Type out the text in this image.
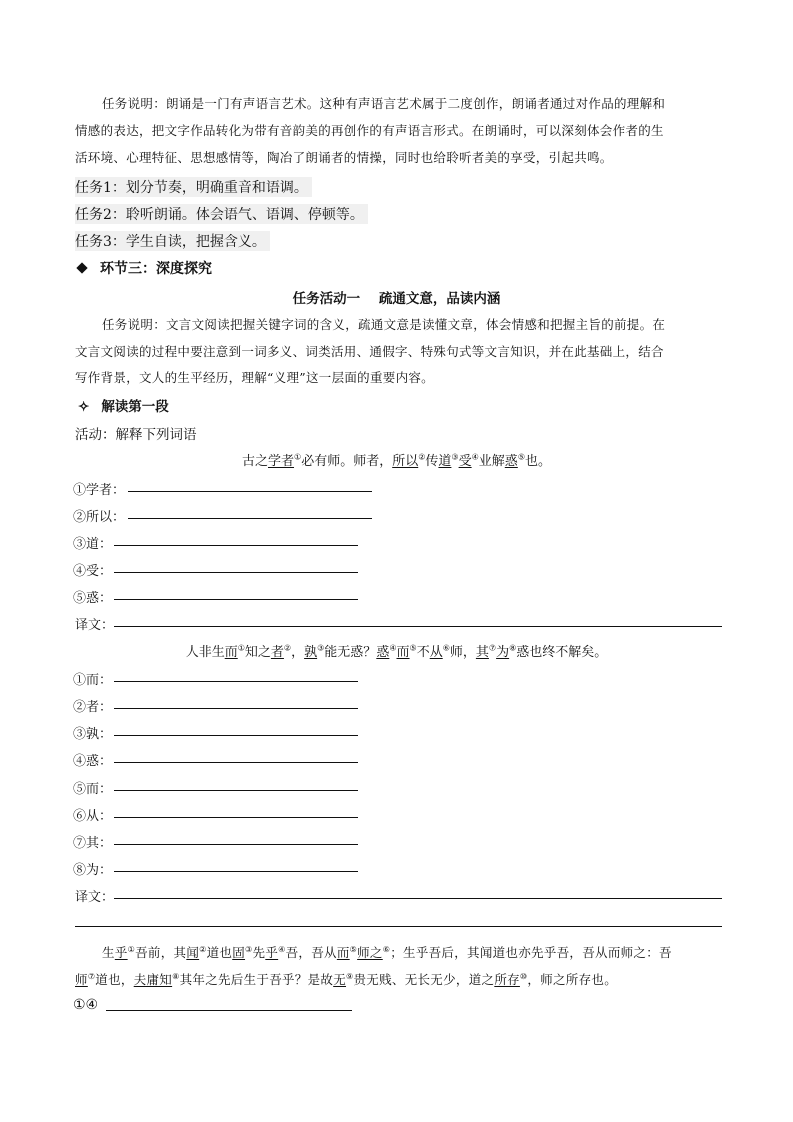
任务说明：朗诵是一门有声语言艺术。这种有声语言艺术属于二度创作，朗诵者通过对作品的理解和
情感的表达，把文字作品转化为带有音韵美的再创作的有声语言形式。在朗诵时，可以深刻体会作者的生
活环境、心理特征、思想感情等，陶冶了朗诵者的情操，同时也给聆听者美的享受，引起共鸣。
任务1：划分节奏，明确重音和语调。
任务2：聆听朗诵。体会语气、语调、停顿等。
任务3：学生自读，把握含义。
环节三：深度探究
任务活动一    疏通文意，品读内涵
任务说明：文言文阅读把握关键字词的含义，疏通文意是读懂文章，体会情感和把握主旨的前提。在
文言文阅读的过程中要注意到一词多义、词类活用、通假字、特殊句式等文言知识，并在此基础上，结合
写作背景，文人的生平经历，理解“义理”这一层面的重要内容。
✧ 解读第一段
活动：解释下列词语
古之学者①必有师。师者，所以②传道③受④业解惑⑤也。
①学者：
②所以：
③道：
④受：
⑤惑：
译文：
人非生而①知之者②，孰③能无惑？惑④而⑤不从⑥师，其⑦为⑧惑也终不解矣。
①而：
②者：
③孰：
④惑：
⑤而：
⑥从：
⑦其：
⑧为：
译文：
生乎①吾前，其闻②道也固③先乎④吾，吾从而⑤师之⑥；生乎吾后，其闻道也亦先乎吾，吾从而师之：吾
师⑦道也，夫庸知⑧其年之先后生于吾乎？是故无⑨贵无贱、无长无少，道之所存⑩，师之所存也。
①④
